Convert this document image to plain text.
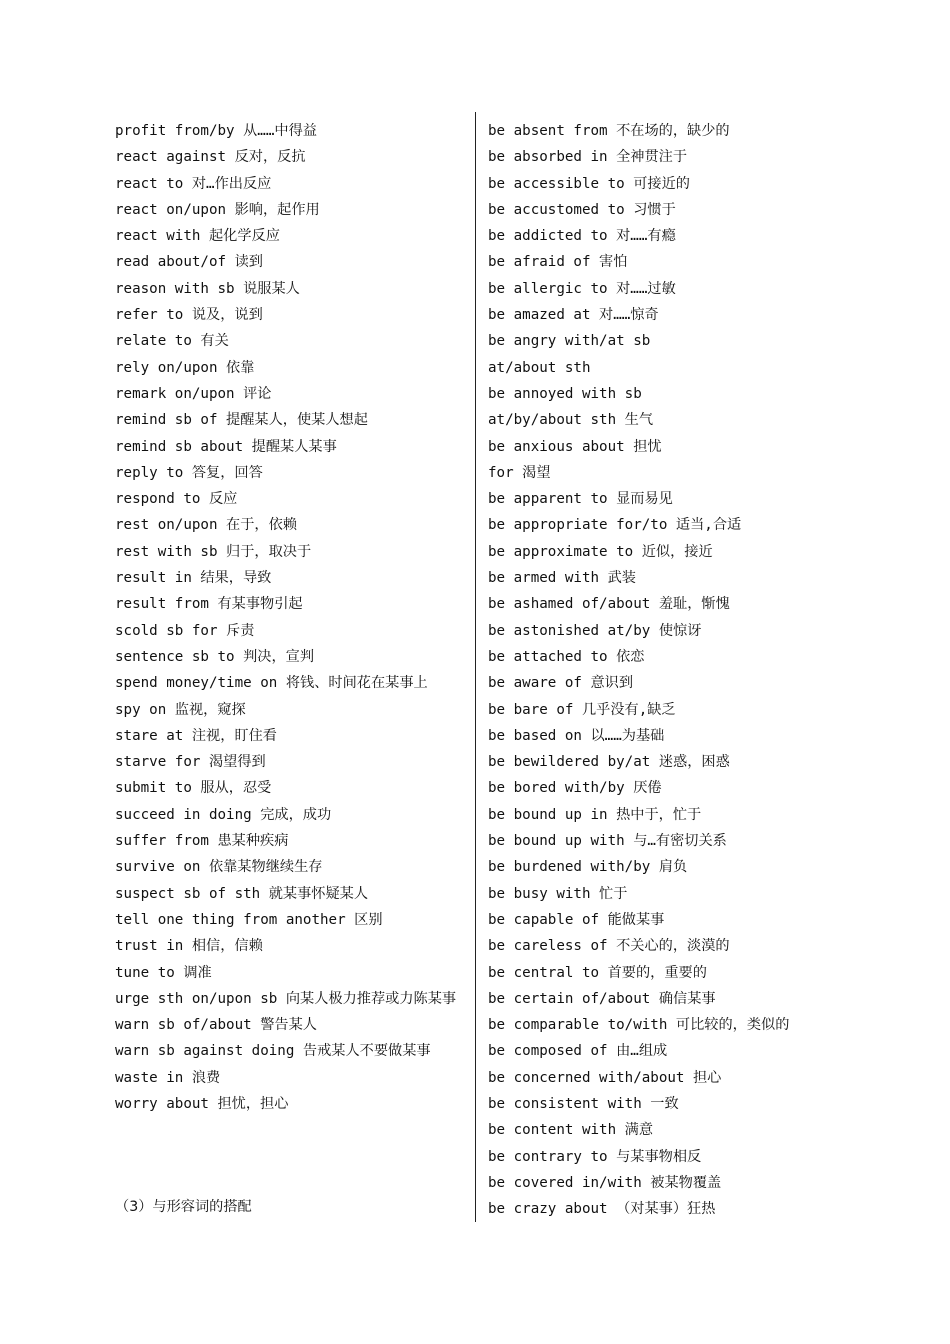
profit from/by 从……中得益
react against 反对，反抗
react to 对…作出反应
react on/upon 影响，起作用
react with 起化学反应
read about/of 读到
reason with sb 说服某人
refer to 说及，说到
relate to 有关
rely on/upon 依靠
remark on/upon 评论
remind sb of 提醒某人，使某人想起
remind sb about 提醒某人某事
reply to 答复，回答
respond to 反应
rest on/upon 在于，依赖
rest with sb 归于，取决于
result in 结果，导致
result from 有某事物引起
scold sb for 斥责
sentence sb to 判决，宣判
spend money/time on 将钱、时间花在某事上
spy on 监视，窥探
stare at 注视，盯住看
starve for 渴望得到
submit to 服从，忍受
succeed in doing 完成，成功
suffer from 患某种疾病
survive on 依靠某物继续生存
suspect sb of sth 就某事怀疑某人
tell one thing from another 区别
trust in 相信，信赖
tune to 调准
urge sth on/upon sb 向某人极力推荐或力陈某事
warn sb of/about 警告某人
warn sb against doing 告戒某人不要做某事
waste in 浪费
worry about 担忧，担心
be absent from 不在场的，缺少的
be absorbed in 全神贯注于
be accessible to 可接近的
be accustomed to 习惯于
be addicted to 对……有瘾
be afraid of 害怕
be allergic to 对……过敏
be amazed at 对……惊奇
be angry with/at sb
at/about sth
be annoyed with sb
at/by/about sth 生气
be anxious about 担忧
for 渴望
be apparent to 显而易见
be appropriate for/to 适当,合适
be approximate to 近似，接近
be armed with 武装
be ashamed of/about 羞耻，惭愧
be astonished at/by 使惊讶
be attached to 依恋
be aware of 意识到
be bare of 几乎没有,缺乏
be based on 以……为基础
be bewildered by/at 迷惑，困惑
be bored with/by 厌倦
be bound up in 热中于，忙于
be bound up with 与…有密切关系
be burdened with/by 肩负
be busy with 忙于
be capable of 能做某事
be careless of 不关心的，淡漠的
be central to 首要的，重要的
be certain of/about 确信某事
be comparable to/with 可比较的，类似的
be composed of 由…组成
be concerned with/about 担心
be consistent with 一致
be content with 满意
be contrary to 与某事物相反
be covered in/with 被某物覆盖
be crazy about （对某事）狂热
（3）与形容词的搭配
